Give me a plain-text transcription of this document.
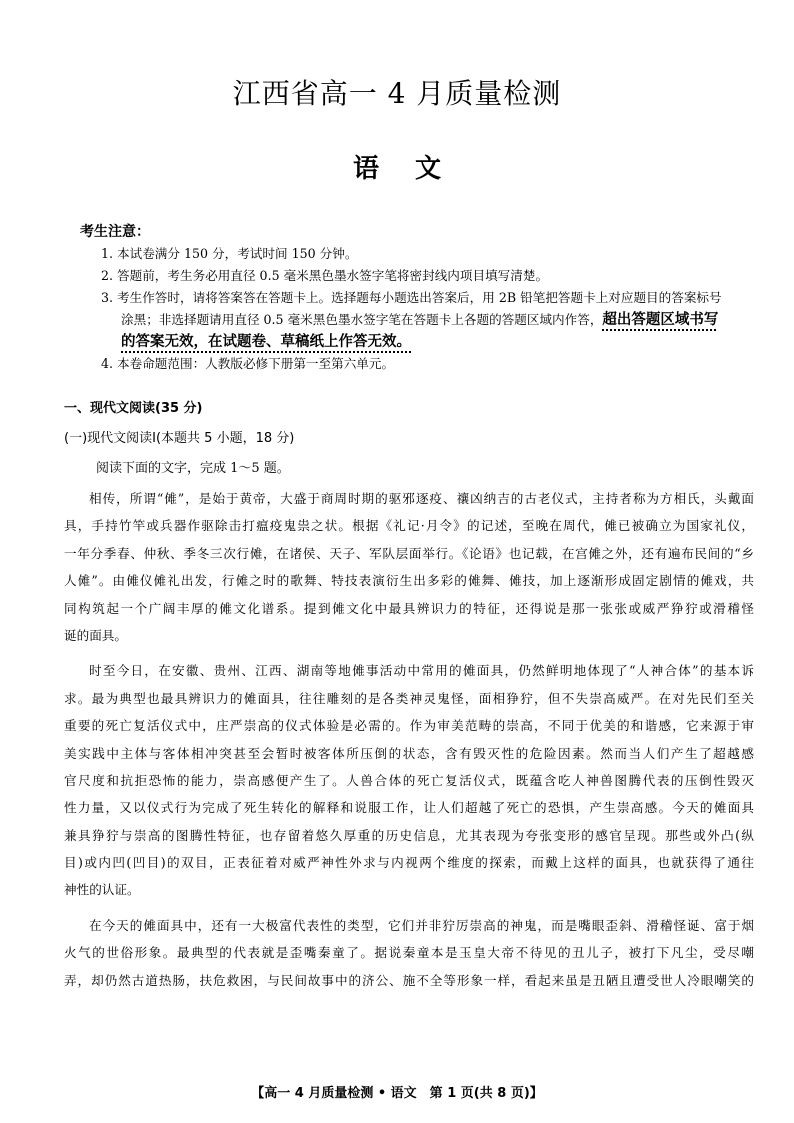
江西省高一 4 月质量检测
语文
考生注意：
1. 本试卷满分 150 分，考试时间 150 分钟。
2. 答题前，考生务必用直径 0.5 毫米黑色墨水签字笔将密封线内项目填写清楚。
3. 考生作答时，请将答案答在答题卡上。选择题每小题选出答案后，用 2B 铅笔把答题卡上对应题目的答案标号
涂黑；非选择题请用直径 0.5 毫米黑色墨水签字笔在答题卡上各题的答题区域内作答，超出答题区域书写
的答案无效，在试题卷、草稿纸上作答无效。
4. 本卷命题范围：人教版必修下册第一至第六单元。
一、现代文阅读(35 分)
(一)现代文阅读Ⅰ(本题共 5 小题，18 分)
阅读下面的文字，完成 1～5 题。
相传，所谓“傩”，是始于黄帝，大盛于商周时期的驱邪逐疫、禳凶纳吉的古老仪式，主持者称为方相氏，头戴面
具，手持竹竿或兵器作驱除击打瘟疫鬼祟之状。根据《礼记·月令》的记述，至晚在周代，傩已被确立为国家礼仪，
一年分季春、仲秋、季冬三次行傩，在诸侯、天子、军队层面举行。《论语》也记载，在宫傩之外，还有遍布民间的“乡
人傩”。由傩仪傩礼出发，行傩之时的歌舞、特技表演衍生出多彩的傩舞、傩技，加上逐渐形成固定剧情的傩戏，共
同构筑起一个广阔丰厚的傩文化谱系。提到傩文化中最具辨识力的特征，还得说是那一张张或威严狰狞或滑稽怪
诞的面具。
时至今日，在安徽、贵州、江西、湖南等地傩事活动中常用的傩面具，仍然鲜明地体现了“人神合体”的基本诉
求。最为典型也最具辨识力的傩面具，往往雕刻的是各类神灵鬼怪，面相狰狞，但不失崇高威严。在对先民们至关
重要的死亡复活仪式中，庄严崇高的仪式体验是必需的。作为审美范畴的崇高，不同于优美的和谐感，它来源于审
美实践中主体与客体相冲突甚至会暂时被客体所压倒的状态，含有毁灭性的危险因素。然而当人们产生了超越感
官尺度和抗拒恐怖的能力，崇高感便产生了。人兽合体的死亡复活仪式，既蕴含吃人神兽图腾代表的压倒性毁灭
性力量，又以仪式行为完成了死生转化的解释和说服工作，让人们超越了死亡的恐惧，产生崇高感。今天的傩面具
兼具狰狞与崇高的图腾性特征，也存留着悠久厚重的历史信息，尤其表现为夸张变形的感官呈现。那些或外凸(纵
目)或内凹(凹目)的双目，正表征着对威严神性外求与内视两个维度的探索，而戴上这样的面具，也就获得了通往
神性的认证。
在今天的傩面具中，还有一大极富代表性的类型，它们并非狞厉崇高的神鬼，而是嘴眼歪斜、滑稽怪诞、富于烟
火气的世俗形象。最典型的代表就是歪嘴秦童了。据说秦童本是玉皇大帝不待见的丑儿子，被打下凡尘，受尽嘲
弄，却仍然古道热肠，扶危救困，与民间故事中的济公、施不全等形象一样，看起来虽是丑陋且遭受世人冷眼嘲笑的
【高一 4 月质量检测 • 语文　第 1 页(共 8 页)】
